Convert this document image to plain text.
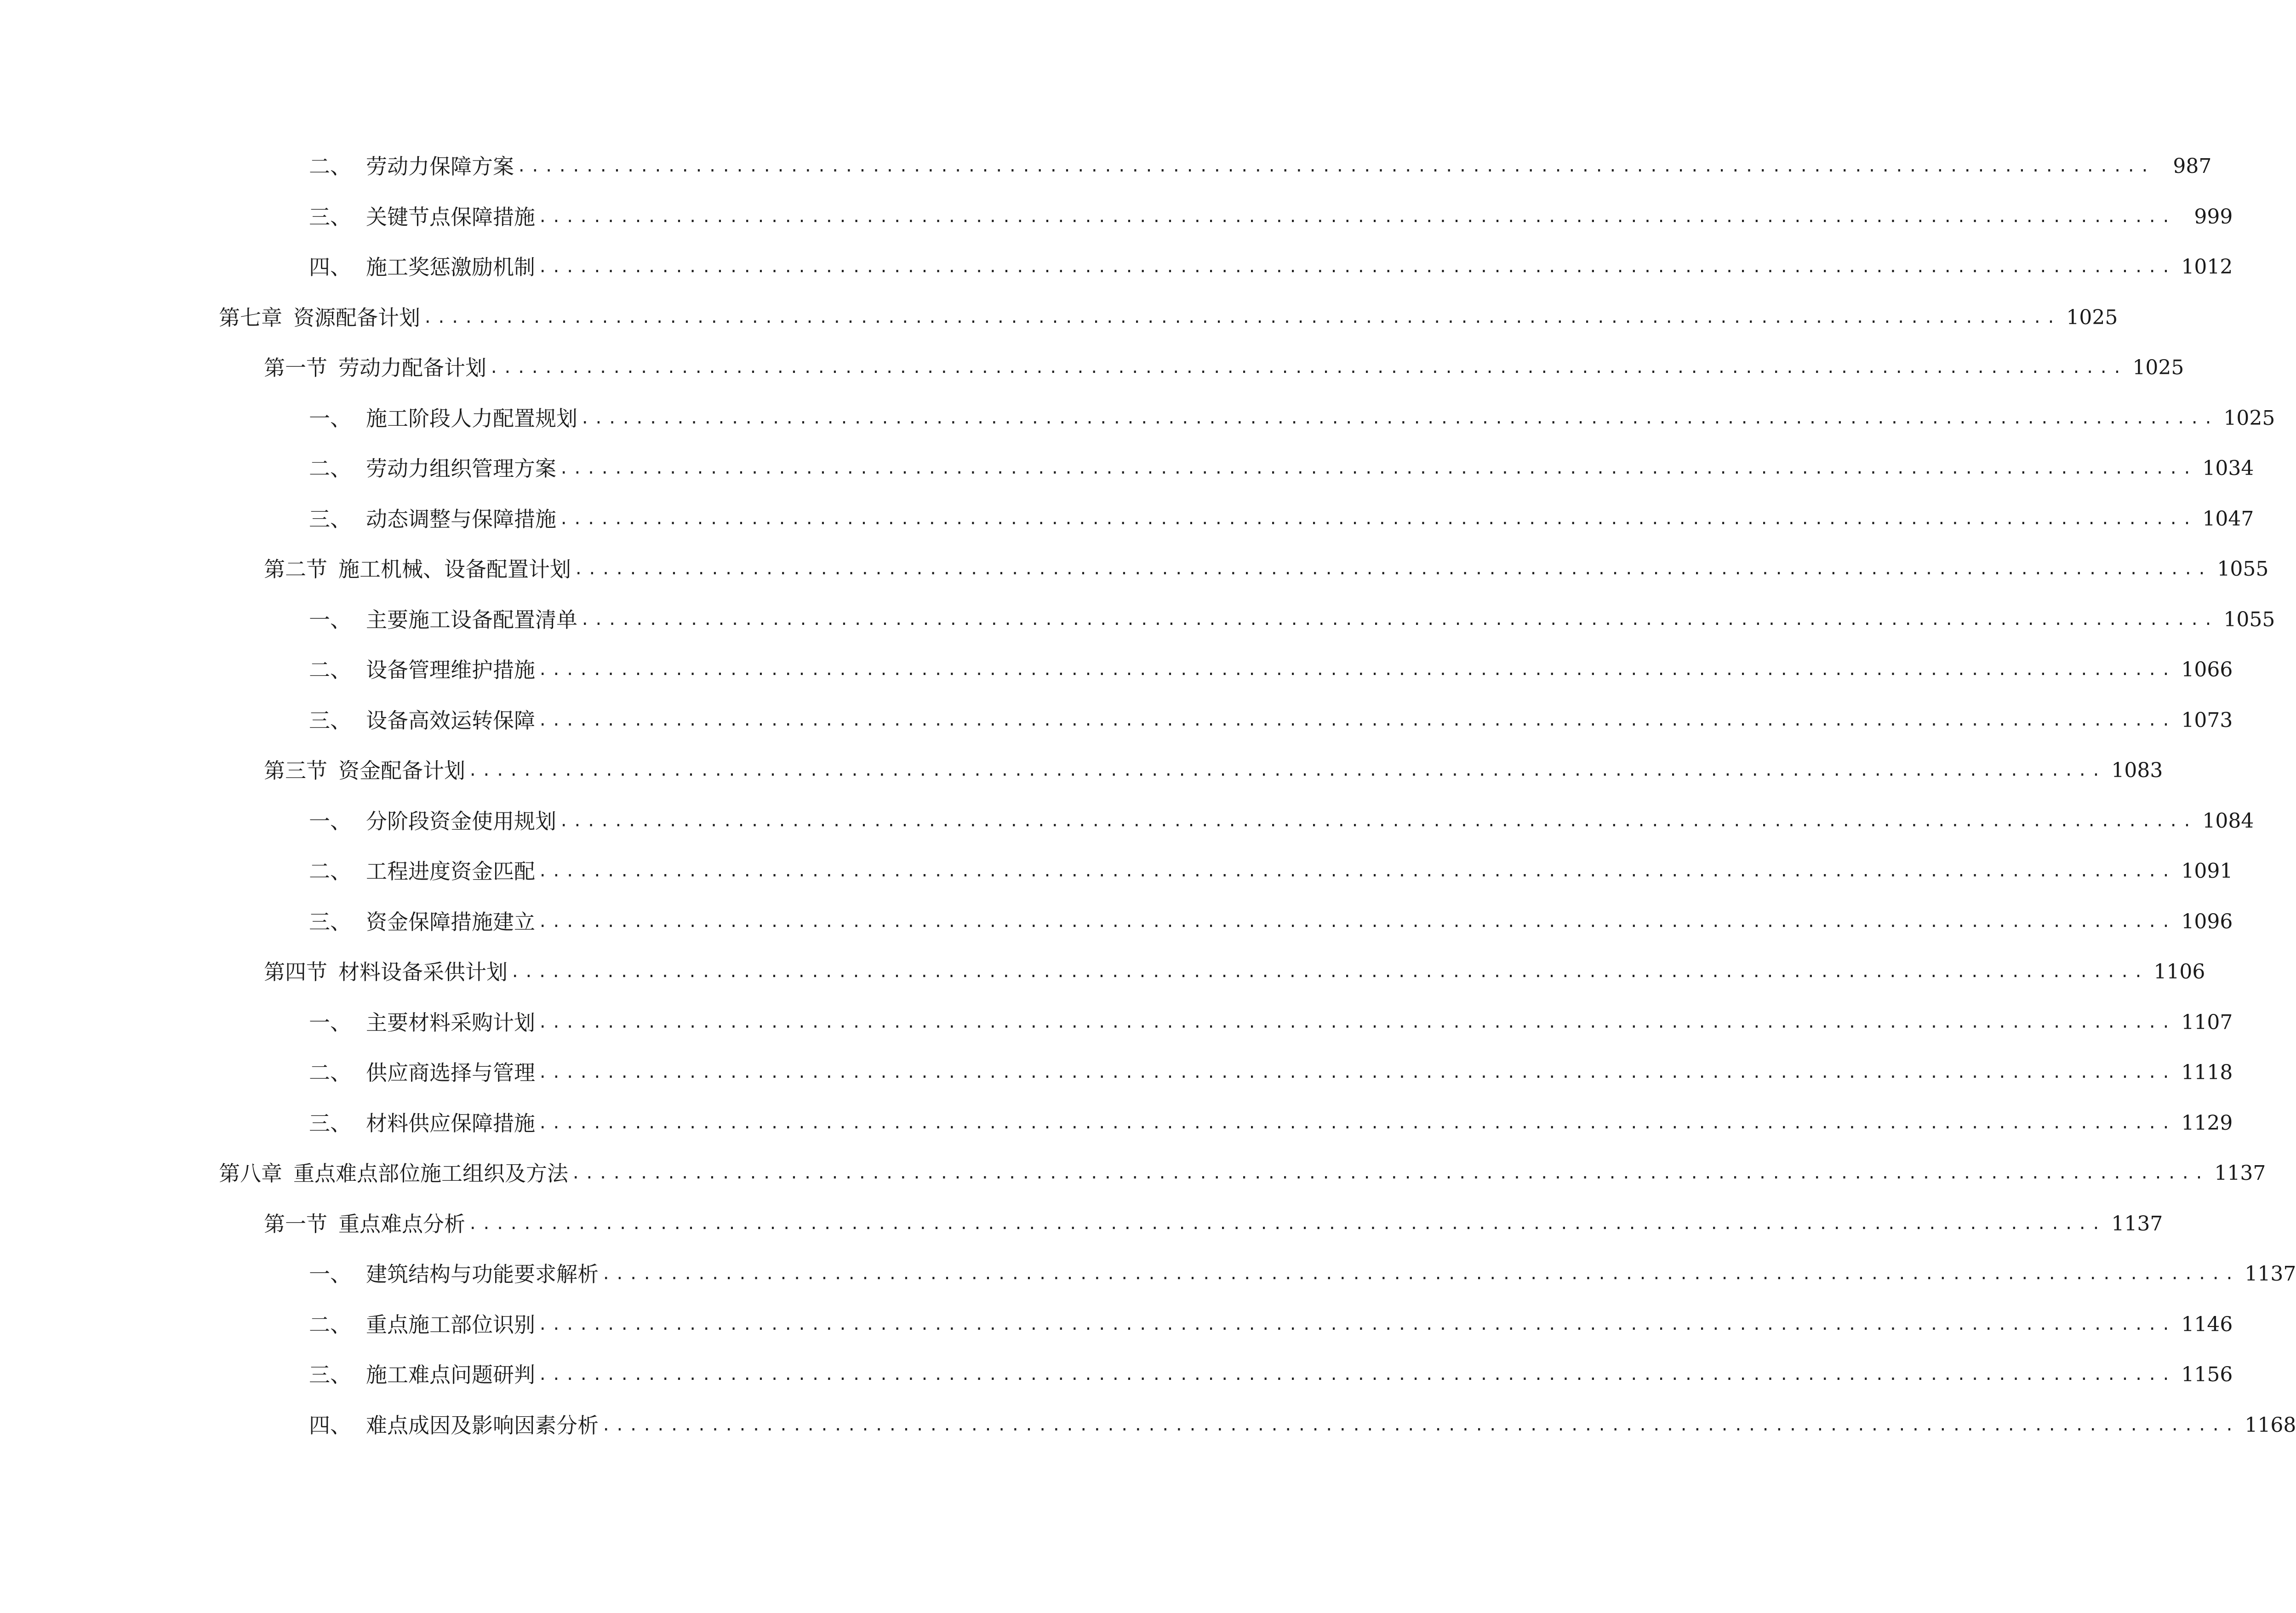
二、 劳动力保障方案 ........................................................................................................................ 987
三、 关键节点保障措施 ........................................................................................................................ 999
四、 施工奖惩激励机制 ........................................................................................................................ 1012
第七章 资源配备计划 ........................................................................................................................ 1025
第一节 劳动力配备计划 ........................................................................................................................ 1025
一、 施工阶段人力配置规划 ........................................................................................................................ 1025
二、 劳动力组织管理方案 ........................................................................................................................ 1034
三、 动态调整与保障措施 ........................................................................................................................ 1047
第二节 施工机械、设备配置计划 ........................................................................................................................ 1055
一、 主要施工设备配置清单 ........................................................................................................................ 1055
二、 设备管理维护措施 ........................................................................................................................ 1066
三、 设备高效运转保障 ........................................................................................................................ 1073
第三节 资金配备计划 ........................................................................................................................ 1083
一、 分阶段资金使用规划 ........................................................................................................................ 1084
二、 工程进度资金匹配 ........................................................................................................................ 1091
三、 资金保障措施建立 ........................................................................................................................ 1096
第四节 材料设备采供计划 ........................................................................................................................ 1106
一、 主要材料采购计划 ........................................................................................................................ 1107
二、 供应商选择与管理 ........................................................................................................................ 1118
三、 材料供应保障措施 ........................................................................................................................ 1129
第八章 重点难点部位施工组织及方法 ........................................................................................................................ 1137
第一节 重点难点分析 ........................................................................................................................ 1137
一、 建筑结构与功能要求解析 ........................................................................................................................ 1137
二、 重点施工部位识别 ........................................................................................................................ 1146
三、 施工难点问题研判 ........................................................................................................................ 1156
四、 难点成因及影响因素分析 ........................................................................................................................ 1168
